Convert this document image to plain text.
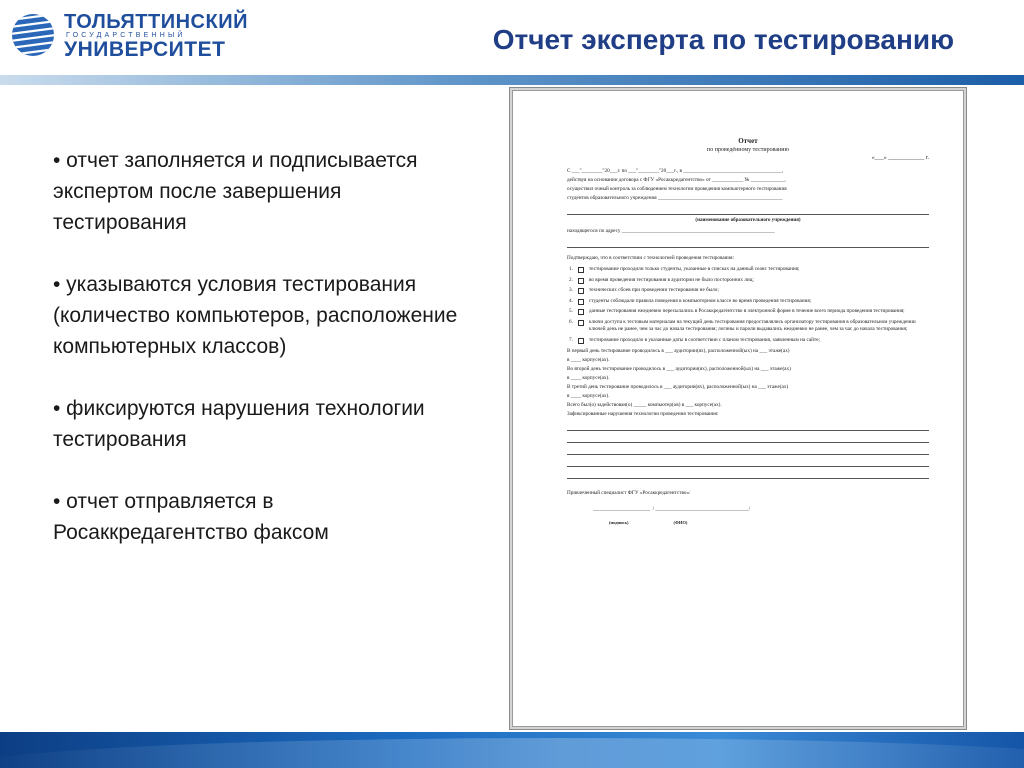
ТОЛЬЯТТИНСКИЙ
ГОСУДАРСТВЕННЫЙ
УНИВЕРСИТЕТ	Отчет эксперта по тестированию
• отчет заполняется и подписывается экспертом после завершения тестирования
• указываются условия тестирования (количество компьютеров, расположение компьютерных классов)
• фиксируются нарушения технологии тестирования
• отчет отправляется в Росаккредагентство факсом
Отчет
по проведённому тестированию
«___» ____________ г.
С ___"________"20___г. по ___"________"20___г., в ______________________________________,
действуя на основании договора с ФГУ «Росаккредагентство» от ____________ № _____________,
осуществил очный контроль за соблюдением технологии проведения компьютерного тестирования
студентов образовательного учреждения ________________________________________________
(наименование образовательного учреждения)
находящегося по адресу ___________________________________________________________
Подтверждаю, что в соответствии с технологией проведения тестирования:
1.	тестирование проходили только студенты, указанные в списках на данный сеанс тестирования;
2.	во время проведения тестирования в аудитории не было посторонних лиц;
3.	технических сбоев при проведении тестирования не было;
4.	студенты соблюдали правила поведения в компьютерном классе во время проведения тестирования;
5.	данные тестирования ежедневно пересылались в Росаккредагентство в электронной форме в течение всего периода проведения тестирования;
6.	ключи доступа к тестовым материалам на текущий день тестирования предоставлялись организатору тестирования в образовательном учреждении ключей день не ранее, чем за час до начала тестирования; логины и пароли выдавались ежедневно не ранее, чем за час до начала тестирования;
7.	тестирование проходило в указанные даты в соответствии с планом тестирования, заявленным на сайте;
В первый день тестирование проводилось в ___ аудитории(ях), расположенной(ых) на ___ этаже(ах)
в ____ корпусе(ах).
Во второй день тестирование проводилось в ___ аудитории(ях), расположенной(ых) на ___ этаже(ах)
в ____ корпусе(ах).
В третий день тестирование проводилось в ___ аудитории(ях), расположенной(ых) на ___ этаже(ах)
в ____ корпусе(ах).
Всего был(о) задействован(о) _____ компьютер(ов) в ___ корпусе(ах).
Зафиксированные нарушения технологии проведения тестирования:
Привлеченный специалист ФГУ «Росаккредагентство»:
______________________  / ____________________________________/
(подпись)                                        (ФИО)
